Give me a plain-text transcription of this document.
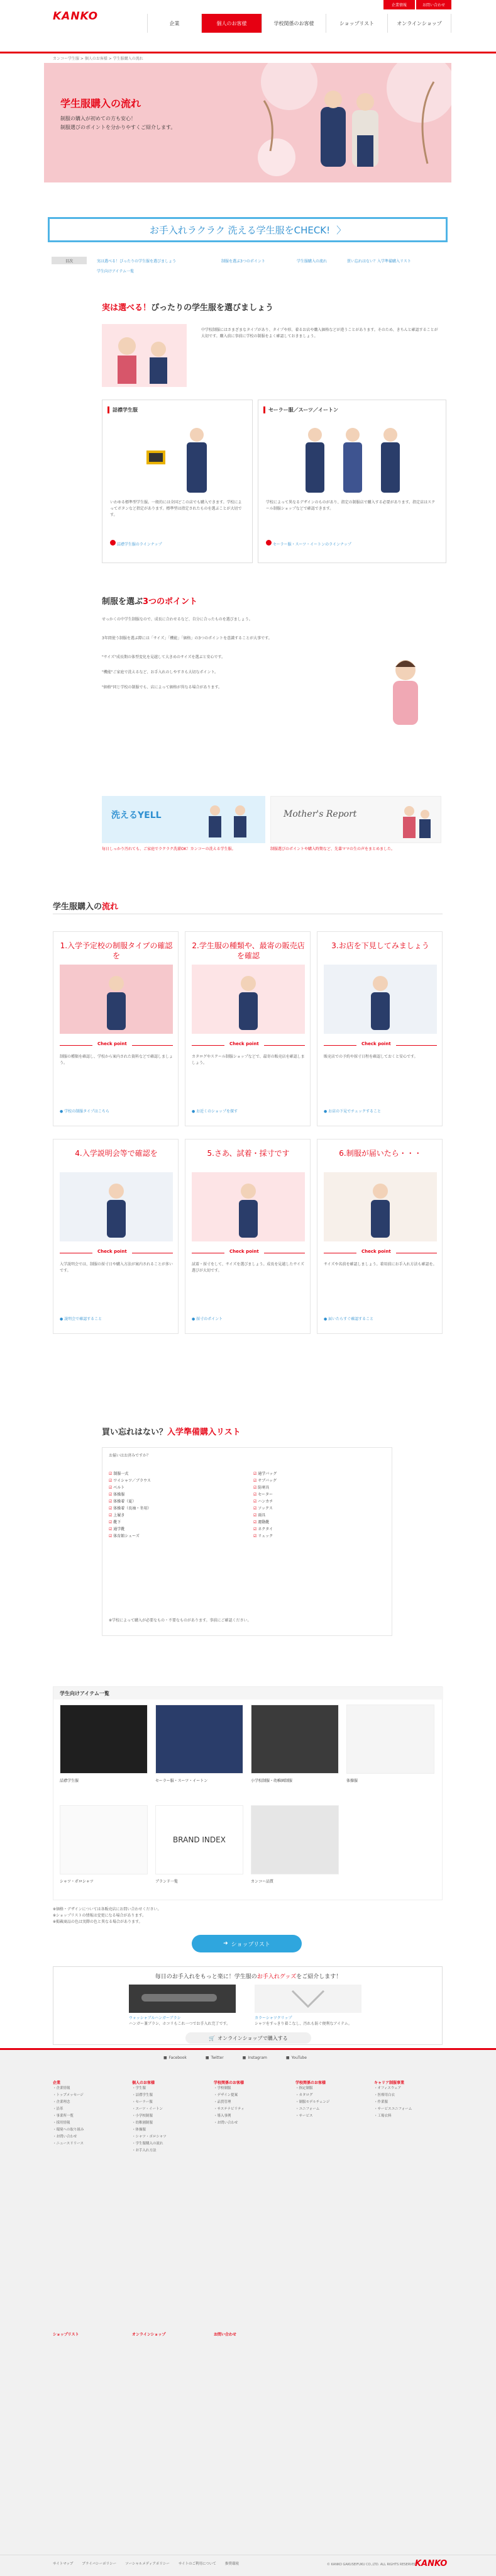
KANKO
企業情報	お問い合わせ
企業	個人のお客様	学校関係のお客様	ショップリスト	オンラインショップ
カンコー学生服 > 個人のお客様 > 学生服購入の流れ
学生服購入の流れ
制服の購入が初めての方も安心！
制服選びのポイントを分かりやすくご紹介します。
お手入れラクラク 洗える学生服をCHECK! 〉
目次	実は選べる！ぴったりの学生服を選びましょう	制服を選ぶ3つのポイント	学生服購入の流れ	買い忘れはない？入学準備購入リスト
学生向けアイテム一覧
実は選べる！ぴったりの学生服を選びましょう
中学校制服にはさまざまなタイプがあり、タイプや形、着るお店や購入価格などが違うことがあります。そのため、きちんと確認することが大切です。購入前に事前に学校の制服をよく確認しておきましょう。
詰襟学生服
いわゆる標準型学生服。一般的には全国どこの店でも購入できます。学校によってボタンなど指定があります。標準型は指定されたものを選ぶことが大切です。
詰襟学生服のラインナップ
セーラー服／スーツ／イートン
学校によって異なるデザインのものがあり、指定の制服店で購入する必要があります。指定店はスクール制服ショップなどで確認できます。
セーラー服・スーツ・イートンのラインナップ
制服を選ぶ3つのポイント
せっかくの中学生制服なので、成長に合わせるなど、自分に合ったものを選びましょう。
3年間使う制服を選ぶ際には「サイズ」「機能」「価格」の3つのポイントを意識することが大事です。
"サイズ"成長期の体型変化を見越して大きめのサイズを選ぶと安心です。
"機能"ご家庭で洗えるなど、お手入れのしやすさも大切なポイント。
"価格"同じ学校の制服でも、店によって価格が異なる場合があります。
洗えるYELL
毎日しっかり汚れても、ご家庭でラクラク洗濯OK！カンコーの洗える学生服。
Mother's Report
制服選びのポイントや購入時期など、先輩ママの生の声をまとめました。
学生服購入の流れ
1.入学予定校の制服タイプの確認を
Check point
制服の種類を確認し、学校から案内された資料などで確認しましょう。
● 学校の制服タイプはこちら
2.学生服の種類や、最寄の販売店を確認
Check point
カタログやスクール制服ショップなどで、最寄の販売店を確認しましょう。
● お近くのショップを探す
3.お店を下見してみましょう
Check point
販売店での予約や採寸日程を確認しておくと安心です。
● お店の下見でチェックすること
4.入学説明会等で確認を
Check point
入学説明会では、制服の採寸日や購入方法が案内されることが多いです。
● 説明会で確認すること
5.さあ、試着・採寸です
Check point
試着・採寸をして、サイズを選びましょう。成長を見越したサイズ選びが大切です。
● 採寸のポイント
6.制服が届いたら・・・
Check point
サイズや名前を確認しましょう。着用前にお手入れ方法も確認を。
● 届いたらすぐ確認すること
買い忘れはない？入学準備購入リスト
お揃いはお済みですか？
☑ 制服一式
☑ ワイシャツ／ブラウス
☑ ベルト
☑ 体操服
☑ 体操着（夏）
☑ 体操着（長袖・冬用）
☑ 上履き
☑ 靴下
☑ 通学靴
☑ 体育館シューズ
☑ 通学バッグ
☑ サブバッグ
☑ 防寒具
☑ セーター
☑ ハンカチ
☑ ソックス
☑ 雨具
☑ 運動靴
☑ ネクタイ
☑ リュック
※学校によって購入が必要なもの・不要なものがあります。事前にご確認ください。
学生向けアイテム一覧
詰襟学生服	セーラー服・スーツ・イートン	小学校制服・幼稚園制服	体操服
シャツ・ポロシャツ
BRAND INDEX
ブランド一覧	カンコー品質
※価格・デザインについては各販売店にお問い合わせください。
※ショップリストの情報は変更になる場合があります。
※掲載商品の色は実際の色と異なる場合があります。
➜ ショップリスト
■ Facebook	■ Twitter	■ Instagram	■ YouTube
企業
・企業情報
・トップメッセージ
・企業理念
・沿革
・事業所一覧
・採用情報
・環境への取り組み
・お問い合わせ
・ニュースリリース
個人のお客様
・学生服
・詰襟学生服
・セーラー服
・スーツ・イートン
・小学校制服
・幼稚園制服
・体操服
・シャツ・ポロシャツ
・学生服購入の流れ
・お手入れ方法
学校関係のお客様
・学校制服
・デザイン提案
・品質管理
・サステナビリティ
・導入事例
・お問い合わせ
学校関係のお客様
・指定制服
・カタログ
・制服モデルチェンジ
・ユニフォーム
・サービス
キャリア制服事業
・オフィスウェア
・医療用白衣
・作業服
・サービスユニフォーム
・工場衣料
ショップリスト	オンラインショップ	お問い合わせ
サイトマップ	プライバシーポリシー	ソーシャルメディアポリシー	サイトのご利用について	推奨環境	© KANKO GAKUSEIFUKU CO.,LTD. ALL RIGHTS RESERVED.
KANKO
毎日のお手入れをもっと楽に！学生服のお手入れグッズをご紹介します！
ウォッシャブルハンガーブラシ
ハンガー兼ブラシ、ホコリもこれ一つでお手入れ完了です。
カラーシャツクリップ
シャツをすっきり着こなし、汚れも防ぐ便利なアイテム。
🛒 オンラインショップで購入する
